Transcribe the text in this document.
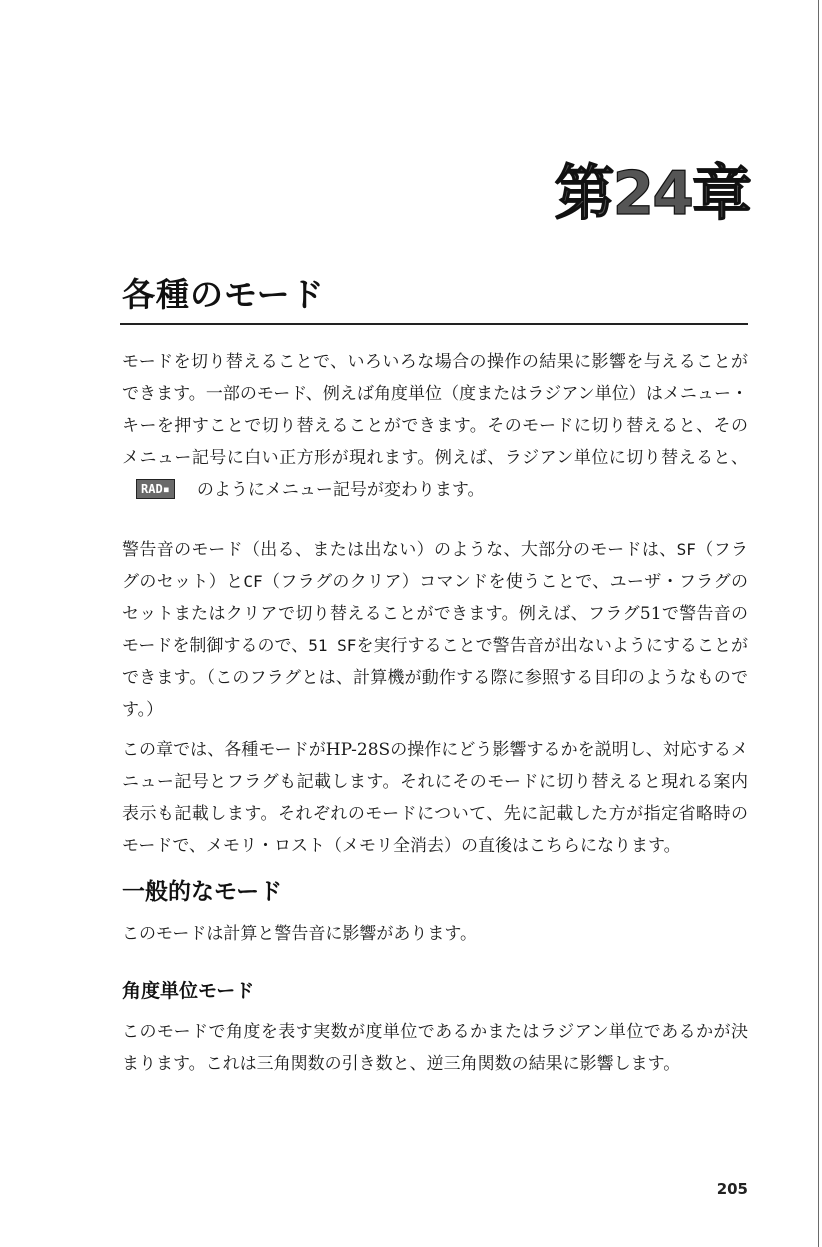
第24章
各種のモード

モードを切り替えることで、いろいろな場合の操作の結果に影響を与えることができます。一部のモード、例えば角度単位（度またはラジアン単位）はメニュー・キーを押すことで切り替えることができます。そのモードに切り替えると、そのメニュー記号に白い正方形が現れます。例えば、ラジアン単位に切り替えると、RAD▪ のようにメニュー記号が変わります。

警告音のモード（出る、または出ない）のような、大部分のモードは、SF（フラグのセット）とCF（フラグのクリア）コマンドを使うことで、ユーザ・フラグのセットまたはクリアで切り替えることができます。例えば、フラグ51で警告音のモードを制御するので、51 SFを実行することで警告音が出ないようにすることができます。（このフラグとは、計算機が動作する際に参照する目印のようなものです。）

この章では、各種モードがHP-28Sの操作にどう影響するかを説明し、対応するメニュー記号とフラグも記載します。それにそのモードに切り替えると現れる案内表示も記載します。それぞれのモードについて、先に記載した方が指定省略時のモードで、メモリ・ロスト（メモリ全消去）の直後はこちらになります。

一般的なモード

このモードは計算と警告音に影響があります。

角度単位モード

このモードで角度を表す実数が度単位であるかまたはラジアン単位であるかが決まります。これは三角関数の引き数と、逆三角関数の結果に影響します。

205
